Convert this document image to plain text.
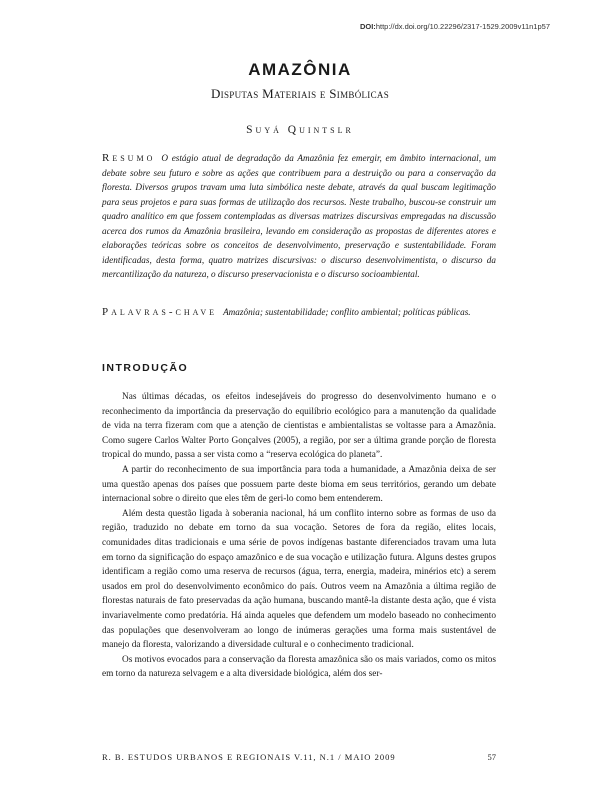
DOI:http://dx.doi.org/10.22296/2317-1529.2009v11n1p57
AMAZÔNIA
Disputas Materiais e Simbólicas
Suyá Quintslr
Resumo O estágio atual de degradação da Amazônia fez emergir, em âmbito internacional, um debate sobre seu futuro e sobre as ações que contribuem para a destruição ou para a conservação da floresta. Diversos grupos travam uma luta simbólica neste debate, através da qual buscam legitimação para seus projetos e para suas formas de utilização dos recursos. Neste trabalho, buscou-se construir um quadro analítico em que fossem contempladas as diversas matrizes discursivas empregadas na discussão acerca dos rumos da Amazônia brasileira, levando em consideração as propostas de diferentes atores e elaborações teóricas sobre os conceitos de desenvolvimento, preservação e sustentabilidade. Foram identificadas, desta forma, quatro matrizes discursivas: o discurso desenvolvimentista, o discurso da mercantilização da natureza, o discurso preservacionista e o discurso socioambiental.
Palavras-chave Amazônia; sustentabilidade; conflito ambiental; políticas públicas.
INTRODUÇÃO

Nas últimas décadas, os efeitos indesejáveis do progresso do desenvolvimento humano e o reconhecimento da importância da preservação do equilíbrio ecológico para a manutenção da qualidade de vida na terra fizeram com que a atenção de cientistas e ambientalistas se voltasse para a Amazônia. Como sugere Carlos Walter Porto Gonçalves (2005), a região, por ser a última grande porção de floresta tropical do mundo, passa a ser vista como a “reserva ecológica do planeta”.

A partir do reconhecimento de sua importância para toda a humanidade, a Amazônia deixa de ser uma questão apenas dos países que possuem parte deste bioma em seus territórios, gerando um debate internacional sobre o direito que eles têm de geri-lo como bem entenderem.

Além desta questão ligada à soberania nacional, há um conflito interno sobre as formas de uso da região, traduzido no debate em torno da sua vocação. Setores de fora da região, elites locais, comunidades ditas tradicionais e uma série de povos indígenas bastante diferenciados travam uma luta em torno da significação do espaço amazônico e de sua vocação e utilização futura. Alguns destes grupos identificam a região como uma reserva de recursos (água, terra, energia, madeira, minérios etc) a serem usados em prol do desenvolvimento econômico do país. Outros veem na Amazônia a última região de florestas naturais de fato preservadas da ação humana, buscando mantê-la distante desta ação, que é vista invariavelmente como predatória. Há ainda aqueles que defendem um modelo baseado no conhecimento das populações que desenvolveram ao longo de inúmeras gerações uma forma mais sustentável de manejo da floresta, valorizando a diversidade cultural e o conhecimento tradicional.

Os motivos evocados para a conservação da floresta amazônica são os mais variados, como os mitos em torno da natureza selvagem e a alta diversidade biológica, além dos ser-

R. B. ESTUDOS URBANOS E REGIONAIS V.11, N.1 / MAIO 2009	57
